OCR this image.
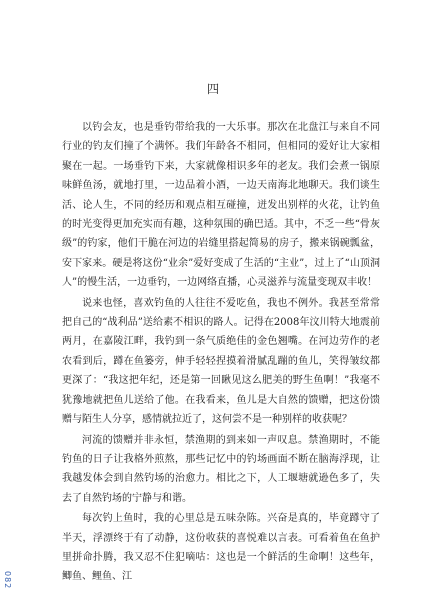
四

以钓会友，也是垂钓带给我的一大乐事。那次在北盘江与来自不同行业的钓友们撞了个满怀。我们年龄各不相同，但相同的爱好让大家相聚在一起。一场垂钓下来，大家就像相识多年的老友。我们会煮一锅原味鲜鱼汤，就地打里，一边品着小酒，一边天南海北地聊天。我们谈生活、论人生，不同的经历和观点相互碰撞，迸发出别样的火花，让钓鱼的时光变得更加充实而有趣，这种氛围的确巴适。其中，不乏一些“骨灰级”的钓家，他们干脆在河边的岩缝里搭起简易的房子，搬来锅碗瓢盆，安下家来。硬是将这份“业余”爱好变成了生活的“主业”，过上了“山顶洞人”的慢生活，一边垂钓，一边网络直播，心灵滋养与流量变现双丰收！

说来也怪，喜欢钓鱼的人往往不爱吃鱼，我也不例外。我甚至常常把自己的“战利品”送给素不相识的路人。记得在2008年汶川特大地震前两月，在嘉陵江畔，我钓到一条气质绝佳的金色翘嘴。在河边劳作的老农看到后，蹲在鱼篓旁，伸手轻轻捏摸着滑腻乱蹦的鱼儿，笑得皱纹都更深了：“我这把年纪，还是第一回瞅见这么肥美的野生鱼啊！”我毫不犹豫地就把鱼儿送给了他。在我看来，鱼儿是大自然的馈赠，把这份馈赠与陌生人分享，感情就拉近了，这何尝不是一种别样的收获呢？

河流的馈赠并非永恒，禁渔期的到来如一声叹息。禁渔期时，不能钓鱼的日子让我格外煎熬，那些记忆中的钓场画面不断在脑海浮现，让我越发体会到自然钓场的治愈力。相比之下，人工堰塘就逊色多了，失去了自然钓场的宁静与和谐。

每次钓上鱼时，我的心里总是五味杂陈。兴奋是真的，毕竟蹲守了半天，浮漂终于有了动静，这份收获的喜悦难以言表。可看着鱼在鱼护里拼命扑腾，我又忍不住犯嘀咕：这也是一个鲜活的生命啊！这些年，鲫鱼、鲤鱼、江

082
